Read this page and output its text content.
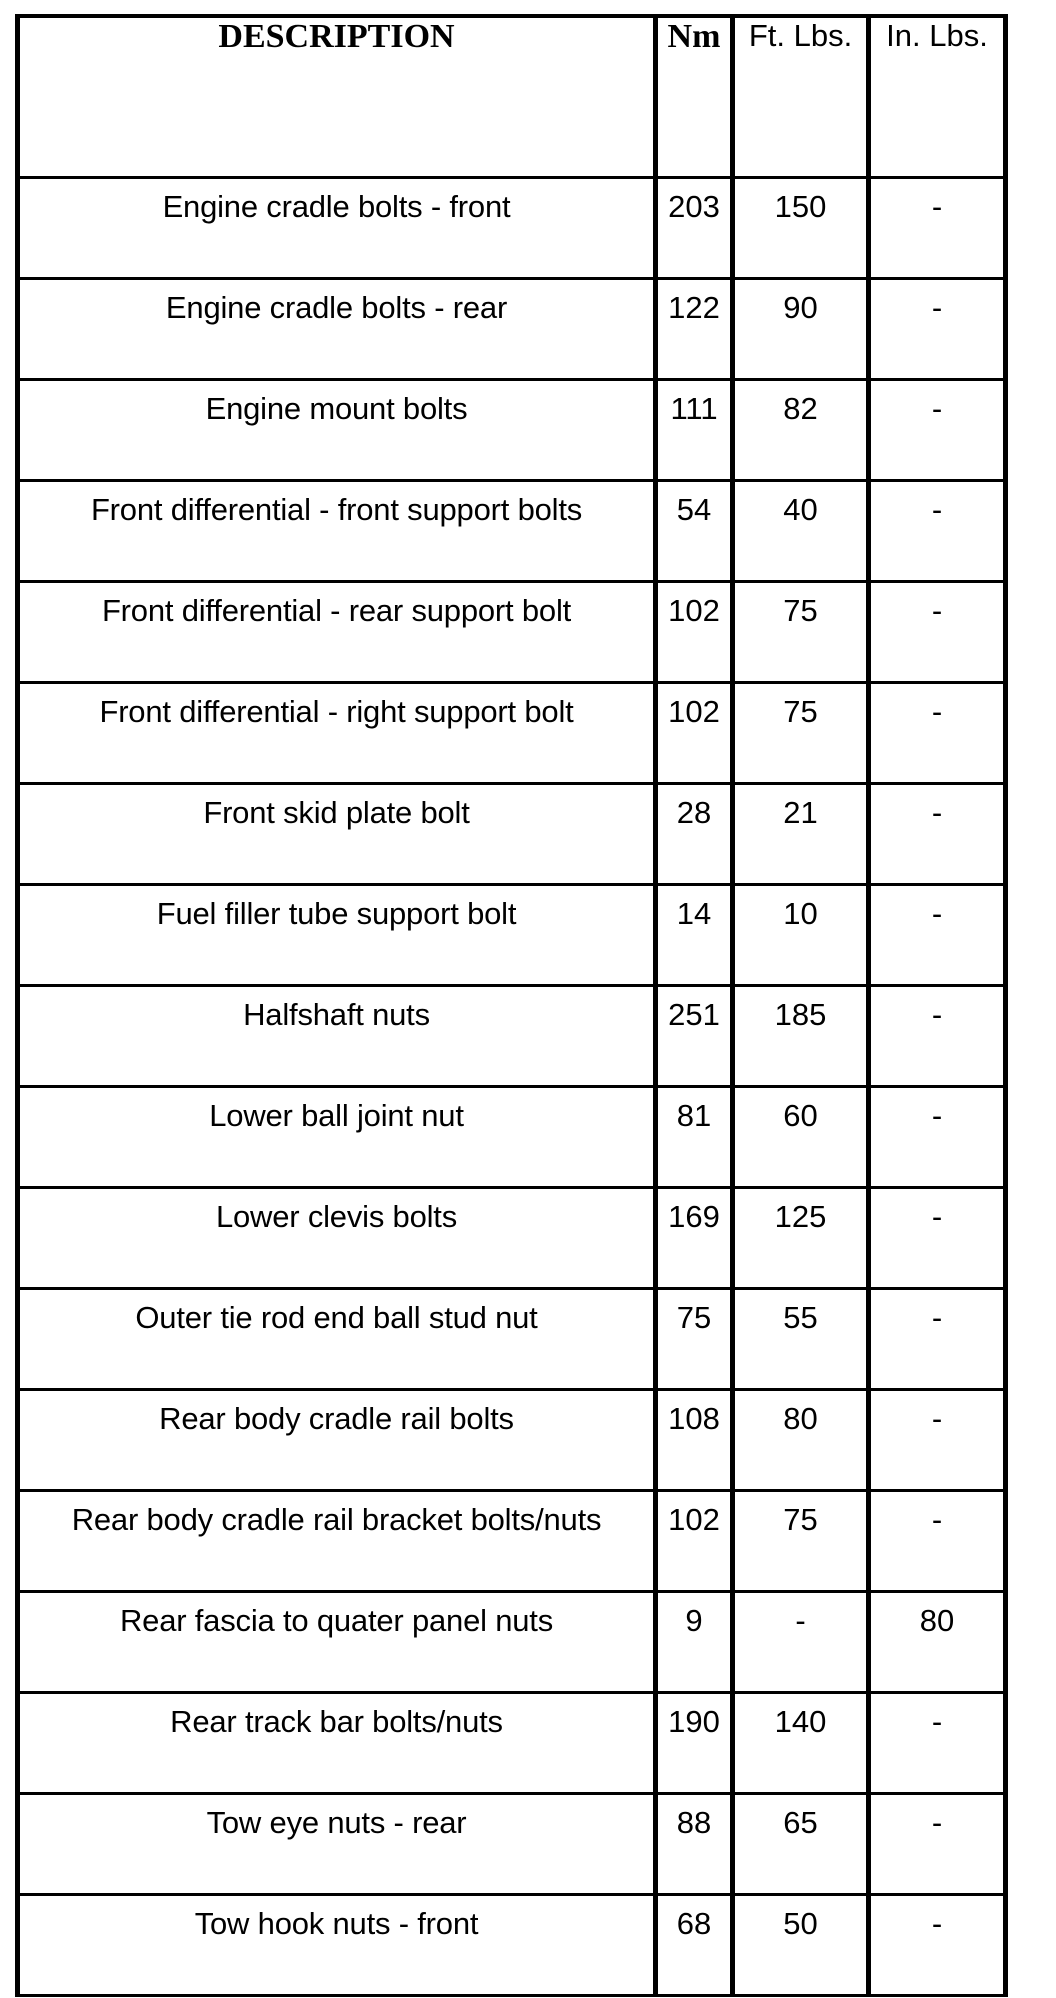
DESCRIPTION	Nm	Ft. Lbs.	In. Lbs.
Engine cradle bolts - front	203	150	-
Engine cradle bolts - rear	122	90	-
Engine mount bolts	111	82	-
Front differential - front support bolts	54	40	-
Front differential - rear support bolt	102	75	-
Front differential - right support bolt	102	75	-
Front skid plate bolt	28	21	-
Fuel filler tube support bolt	14	10	-
Halfshaft nuts	251	185	-
Lower ball joint nut	81	60	-
Lower clevis bolts	169	125	-
Outer tie rod end ball stud nut	75	55	-
Rear body cradle rail bolts	108	80	-
Rear body cradle rail bracket bolts/nuts	102	75	-
Rear fascia to quater panel nuts	9	-	80
Rear track bar bolts/nuts	190	140	-
Tow eye nuts - rear	88	65	-
Tow hook nuts - front	68	50	-
